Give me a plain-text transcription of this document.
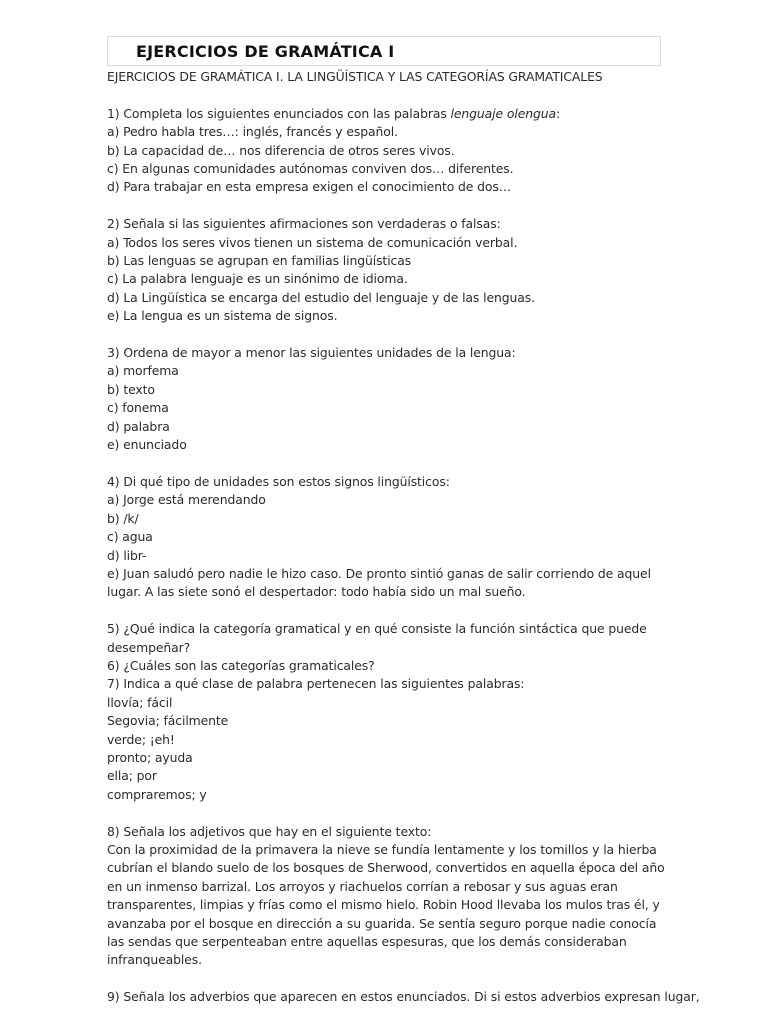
EJERCICIOS DE GRAMÁTICA I
EJERCICIOS DE GRAMÁTICA I. LA LINGÜÍSTICA Y LAS CATEGORÍAS GRAMATICALES
1) Completa los siguientes enunciados con las palabras lenguaje olengua:
a) Pedro habla tres…: inglés, francés y español.
b) La capacidad de… nos diferencia de otros seres vivos.
c) En algunas comunidades autónomas conviven dos… diferentes.
d) Para trabajar en esta empresa exigen el conocimiento de dos…
2) Señala si las siguientes afirmaciones son verdaderas o falsas:
a) Todos los seres vivos tienen un sistema de comunicación verbal.
b) Las lenguas se agrupan en familias lingüísticas
c) La palabra lenguaje es un sinónimo de idioma.
d) La Lingüística se encarga del estudio del lenguaje y de las lenguas.
e) La lengua es un sistema de signos.
3) Ordena de mayor a menor las siguientes unidades de la lengua:
a) morfema
b) texto
c) fonema
d) palabra
e) enunciado
4) Di qué tipo de unidades son estos signos lingüísticos:
a) Jorge está merendando
b) /k/
c) agua
d) libr-
e) Juan saludó pero nadie le hizo caso. De pronto sintió ganas de salir corriendo de aquel lugar. A las siete sonó el despertador: todo había sido un mal sueño.
5) ¿Qué indica la categoría gramatical y en qué consiste la función sintáctica que puede desempeñar?
6) ¿Cuáles son las categorías gramaticales?
7) Indica a qué clase de palabra pertenecen las siguientes palabras:
llovía; fácil
Segovia; fácilmente
verde; ¡eh!
pronto; ayuda
ella; por
compraremos; y
8) Señala los adjetivos que hay en el siguiente texto:
Con la proximidad de la primavera la nieve se fundía lentamente y los tomillos y la hierba cubrían el blando suelo de los bosques de Sherwood, convertidos en aquella época del año en un inmenso barrizal. Los arroyos y riachuelos corrían a rebosar y sus aguas eran transparentes, limpias y frías como el mismo hielo. Robin Hood llevaba los mulos tras él, y avanzaba por el bosque en dirección a su guarida. Se sentía seguro porque nadie conocía las sendas que serpenteaban entre aquellas espesuras, que los demás consideraban infranqueables.
9) Señala los adverbios que aparecen en estos enunciados. Di si estos adverbios expresan lugar,
